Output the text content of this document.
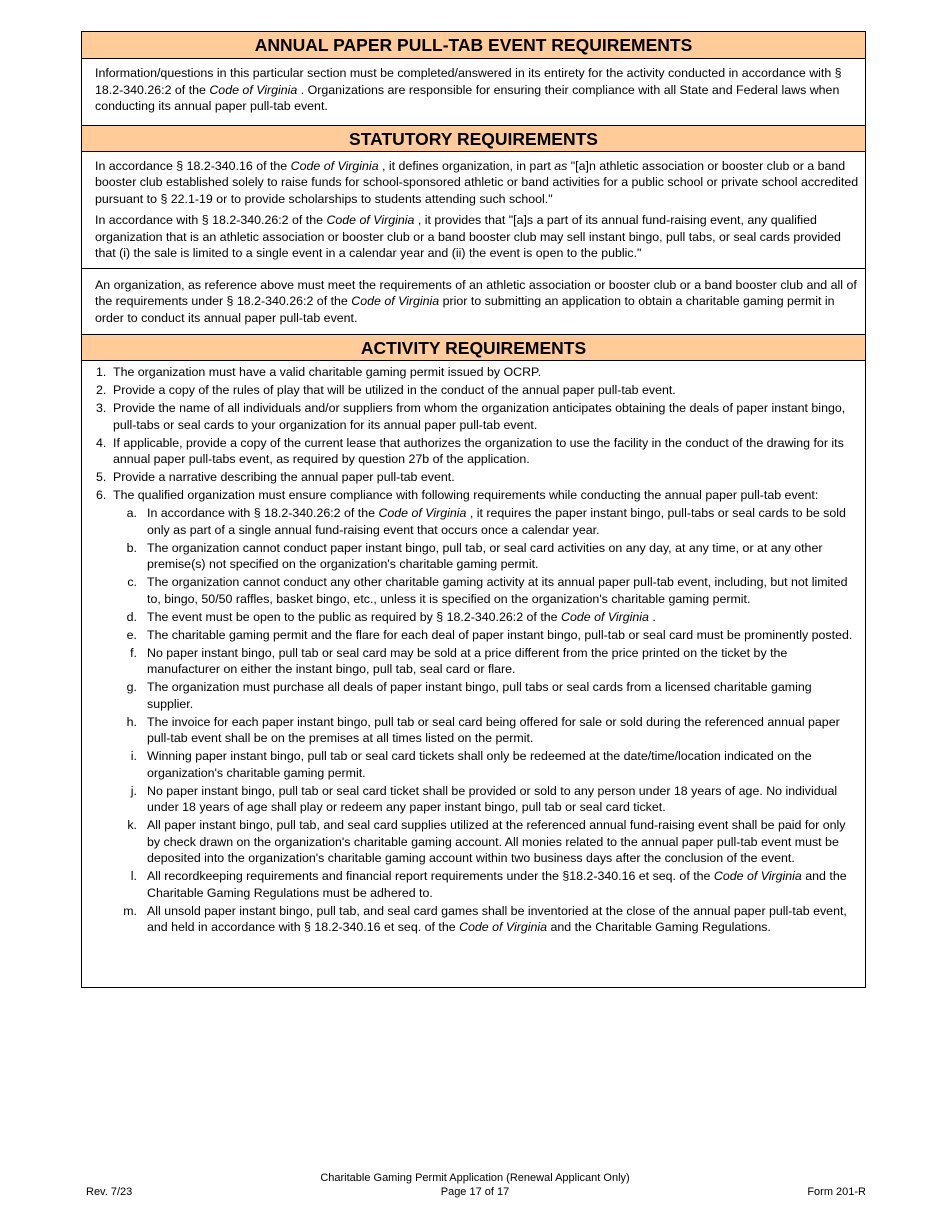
ANNUAL PAPER PULL-TAB EVENT REQUIREMENTS

Information/questions in this particular section must be completed/answered in its entirety for the activity conducted in accordance with § 18.2-340.26:2 of the Code of Virginia . Organizations are responsible for ensuring their compliance with all State and Federal laws when conducting its annual paper pull-tab event.

STATUTORY REQUIREMENTS

In accordance § 18.2-340.16 of the Code of Virginia , it defines organization, in part as "[a]n athletic association or booster club or a band booster club established solely to raise funds for school-sponsored athletic or band activities for a public school or private school accredited pursuant to § 22.1-19 or to provide scholarships to students attending such school."

In accordance with § 18.2-340.26:2 of the Code of Virginia , it provides that "[a]s a part of its annual fund-raising event, any qualified organization that is an athletic association or booster club or a band booster club may sell instant bingo, pull tabs, or seal cards provided that (i) the sale is limited to a single event in a calendar year and (ii) the event is open to the public."

An organization, as reference above must meet the requirements of an athletic association or booster club or a band booster club and all of the requirements under § 18.2-340.26:2 of the Code of Virginia prior to submitting an application to obtain a charitable gaming permit in order to conduct its annual paper pull-tab event.

ACTIVITY REQUIREMENTS
1. The organization must have a valid charitable gaming permit issued by OCRP.
2. Provide a copy of the rules of play that will be utilized in the conduct of the annual paper pull-tab event.
3. Provide the name of all individuals and/or suppliers from whom the organization anticipates obtaining the deals of paper instant bingo, pull-tabs or seal cards to your organization for its annual paper pull-tab event.
4. If applicable, provide a copy of the current lease that authorizes the organization to use the facility in the conduct of the drawing for its annual paper pull-tabs event, as required by question 27b of the application.
5. Provide a narrative describing the annual paper pull-tab event.
6. The qualified organization must ensure compliance with following requirements while conducting the annual paper pull-tab event:
a. In accordance with § 18.2-340.26:2 of the Code of Virginia , it requires the paper instant bingo, pull-tabs or seal cards to be sold only as part of a single annual fund-raising event that occurs once a calendar year.
b. The organization cannot conduct paper instant bingo, pull tab, or seal card activities on any day, at any time, or at any other premise(s) not specified on the organization's charitable gaming permit.
c. The organization cannot conduct any other charitable gaming activity at its annual paper pull-tab event, including, but not limited to, bingo, 50/50 raffles, basket bingo, etc., unless it is specified on the organization's charitable gaming permit.
d. The event must be open to the public as required by § 18.2-340.26:2 of the Code of Virginia .
e. The charitable gaming permit and the flare for each deal of paper instant bingo, pull-tab or seal card must be prominently posted.
f. No paper instant bingo, pull tab or seal card may be sold at a price different from the price printed on the ticket by the manufacturer on either the instant bingo, pull tab, seal card or flare.
g. The organization must purchase all deals of paper instant bingo, pull tabs or seal cards from a licensed charitable gaming supplier.
h. The invoice for each paper instant bingo, pull tab or seal card being offered for sale or sold during the referenced annual paper pull-tab event shall be on the premises at all times listed on the permit.
i. Winning paper instant bingo, pull tab or seal card tickets shall only be redeemed at the date/time/location indicated on the organization's charitable gaming permit.
j. No paper instant bingo, pull tab or seal card ticket shall be provided or sold to any person under 18 years of age. No individual under 18 years of age shall play or redeem any paper instant bingo, pull tab or seal card ticket.
k. All paper instant bingo, pull tab, and seal card supplies utilized at the referenced annual fund-raising event shall be paid for only by check drawn on the organization's charitable gaming account. All monies related to the annual paper pull-tab event must be deposited into the organization's charitable gaming account within two business days after the conclusion of the event.
l. All recordkeeping requirements and financial report requirements under the §18.2-340.16 et seq. of the Code of Virginia and the Charitable Gaming Regulations must be adhered to.
m. All unsold paper instant bingo, pull tab, and seal card games shall be inventoried at the close of the annual paper pull-tab event, and held in accordance with § 18.2-340.16 et seq. of the Code of Virginia and the Charitable Gaming Regulations.
Rev. 7/23
Charitable Gaming Permit Application (Renewal Applicant Only)
Page 17 of 17	Form 201-R
